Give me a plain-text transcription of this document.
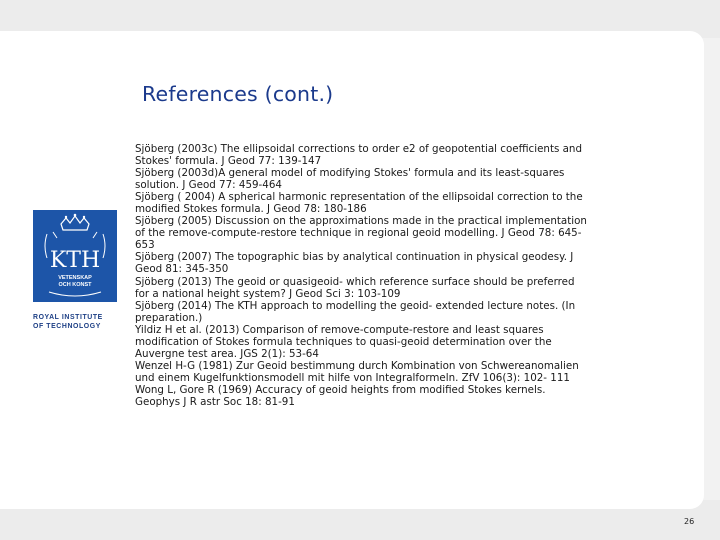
References (cont.)
KTH
VETENSKAP
OCH KONST
ROYAL INSTITUTE
OF TECHNOLOGY
Sjöberg (2003c) The ellipsoidal corrections to order e2 of geopotential coefficients and
Stokes' formula. J Geod 77: 139-147
Sjöberg (2003d)A general model of modifying Stokes' formula and its least-squares
solution. J Geod 77: 459-464
Sjöberg ( 2004) A spherical harmonic representation of the ellipsoidal correction to the
modified Stokes formula. J Geod 78: 180-186
Sjöberg (2005) Discussion on the approximations made in the practical implementation
of the remove-compute-restore technique in regional geoid modelling. J Geod 78: 645-
653
Sjöberg (2007) The topographic bias by analytical continuation in physical geodesy. J
Geod 81: 345-350
Sjöberg (2013) The geoid or quasigeoid- which reference surface should be preferred
for a national height system? J Geod Sci 3: 103-109
Sjöberg (2014) The KTH approach to modelling the geoid- extended lecture notes. (In
preparation.)
Yildiz H et al. (2013) Comparison of remove-compute-restore and least squares
modification of Stokes formula techniques to quasi-geoid determination over the
Auvergne test area. JGS 2(1): 53-64
Wenzel H-G (1981) Zur Geoid bestimmung durch Kombination von Schwereanomalien
und einem Kugelfunktionsmodell mit hilfe von Integralformeln. ZfV 106(3): 102- 111
Wong L, Gore R (1969) Accuracy of geoid heights from modified Stokes kernels.
Geophys J R astr Soc 18: 81-91
26
